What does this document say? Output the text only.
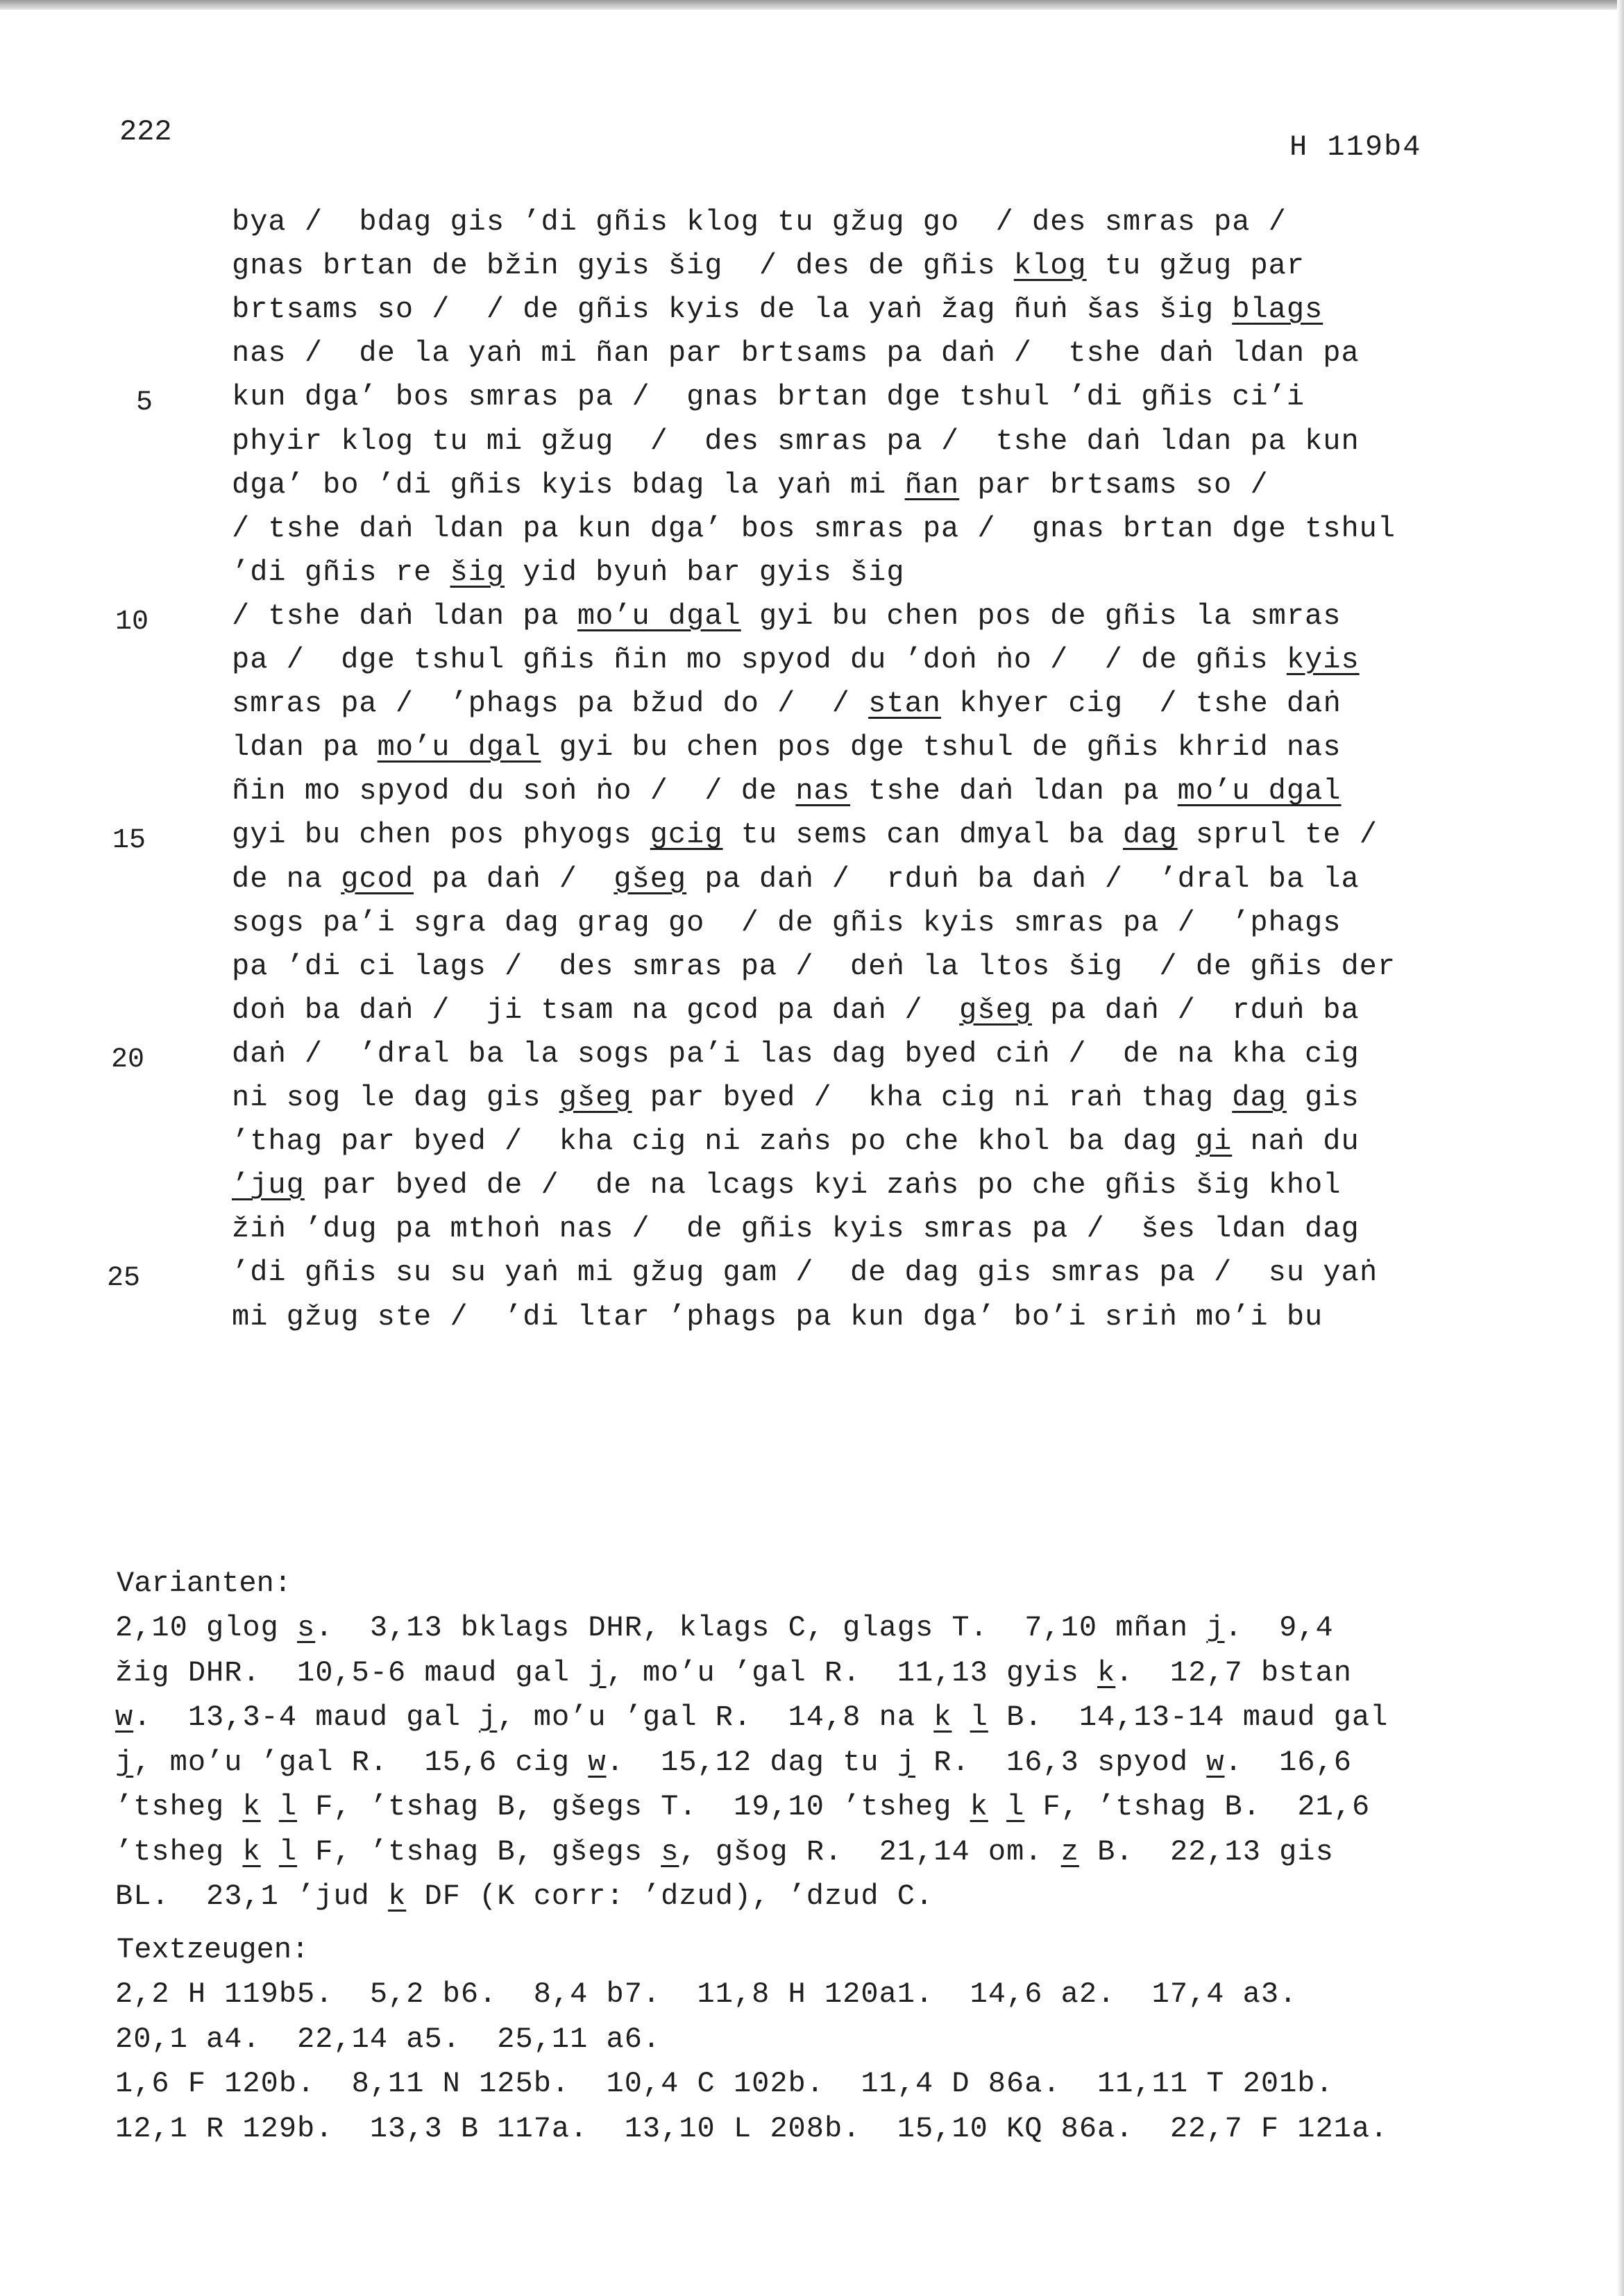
222	H 119b4
bya /  bdag gis ’di gñis klog tu gžug go  / des smras pa /
gnas brtan de bžin gyis šig  / des de gñis klog tu gžug par
brtsams so /  / de gñis kyis de la yaṅ žag ñuṅ šas šig blags
nas /  de la yaṅ mi ñan par brtsams pa daṅ /  tshe daṅ ldan pa
kun dga’ bos smras pa /  gnas brtan dge tshul ’di gñis ci’i
phyir klog tu mi gžug  /  des smras pa /  tshe daṅ ldan pa kun
dga’ bo ’di gñis kyis bdag la yaṅ mi ñan par brtsams so /
/ tshe daṅ ldan pa kun dga’ bos smras pa /  gnas brtan dge tshul
’di gñis re šig yid byuṅ bar gyis šig
/ tshe daṅ ldan pa mo’u dgal gyi bu chen pos de gñis la smras
pa /  dge tshul gñis ñin mo spyod du ’doṅ ṅo /  / de gñis kyis
smras pa /  ’phags pa bžud do /  / stan khyer cig  / tshe daṅ
ldan pa mo’u dgal gyi bu chen pos dge tshul de gñis khrid nas
ñin mo spyod du soṅ ṅo /  / de nas tshe daṅ ldan pa mo’u dgal
gyi bu chen pos phyogs gcig tu sems can dmyal ba dag sprul te /
de na gcod pa daṅ /  gšeg pa daṅ /  rduṅ ba daṅ /  ’dral ba la
sogs pa’i sgra dag grag go  / de gñis kyis smras pa /  ’phags
pa ’di ci lags /  des smras pa /  deṅ la ltos šig  / de gñis der
doṅ ba daṅ /  ji tsam na gcod pa daṅ /  gšeg pa daṅ /  rduṅ ba
daṅ /  ’dral ba la sogs pa’i las dag byed ciṅ /  de na kha cig
ni sog le dag gis gšeg par byed /  kha cig ni raṅ thag dag gis
’thag par byed /  kha cig ni zaṅs po che khol ba dag gi naṅ du
’jug par byed de /  de na lcags kyi zaṅs po che gñis šig khol
žiṅ ’dug pa mthoṅ nas /  de gñis kyis smras pa /  šes ldan dag
’di gñis su su yaṅ mi gžug gam /  de dag gis smras pa /  su yaṅ
mi gžug ste /  ’di ltar ’phags pa kun dga’ bo’i sriṅ mo’i bu
5
10
15
20
25
Varianten:
2,10 glog s.  3,13 bklags DHR, klags C, glags T.  7,10 mñan j.  9,4
žig DHR.  10,5-6 maud gal j, mo’u ’gal R.  11,13 gyis k.  12,7 bstan
w.  13,3-4 maud gal j, mo’u ’gal R.  14,8 na k l B.  14,13-14 maud gal
j, mo’u ’gal R.  15,6 cig w.  15,12 dag tu j R.  16,3 spyod w.  16,6
’tsheg k l F, ’tshag B, gšegs T.  19,10 ’tsheg k l F, ’tshag B.  21,6
’tsheg k l F, ’tshag B, gšegs s, gšog R.  21,14 om. z B.  22,13 gis
BL.  23,1 ’jud k DF (K corr: ’dzud), ’dzud C.
Textzeugen:
2,2 H 119b5.  5,2 b6.  8,4 b7.  11,8 H 120a1.  14,6 a2.  17,4 a3.
20,1 a4.  22,14 a5.  25,11 a6.
1,6 F 120b.  8,11 N 125b.  10,4 C 102b.  11,4 D 86a.  11,11 T 201b.
12,1 R 129b.  13,3 B 117a.  13,10 L 208b.  15,10 KQ 86a.  22,7 F 121a.
